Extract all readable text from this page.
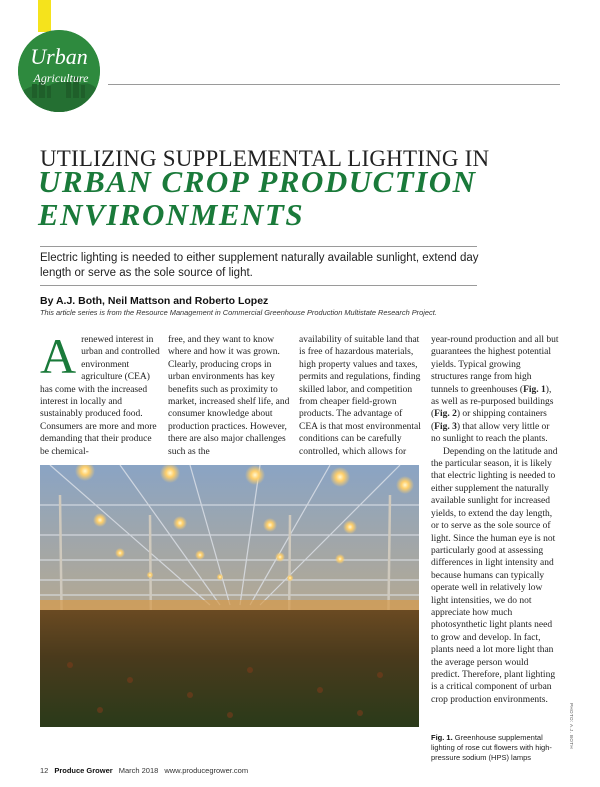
Urban
Agriculture
UTILIZING SUPPLEMENTAL LIGHTING IN
URBAN CROP PRODUCTION ENVIRONMENTS
Electric lighting is needed to either supplement naturally available sunlight, extend day length or serve as the sole source of light.
By A.J. Both, Neil Mattson and Roberto Lopez
This article series is from the Resource Management in Commercial Greenhouse Production Multistate Research Project.
Arenewed interest in urban and controlled environment agriculture (CEA) has come with the increased interest in locally and sustainably produced food. Consumers are more and more demanding that their produce be chemical-
free, and they want to know where and how it was grown. Clearly, producing crops in urban environments has key benefits such as proximity to market, increased shelf life, and consumer knowledge about production practices. However, there are also major challenges such as the
availability of suitable land that is free of hazardous materials, high property values and taxes, permits and regulations, finding skilled labor, and competition from cheaper field-grown products. The advantage of CEA is that most environmental conditions can be carefully controlled, which allows for

year-round production and all but guarantees the highest potential yields. Typical growing structures range from high tunnels to greenhouses (Fig. 1), as well as re-purposed buildings (Fig. 2) or shipping containers (Fig. 3) that allow very little or no sunlight to reach the plants.

Depending on the latitude and the particular season, it is likely that electric lighting is needed to either supplement the naturally available sunlight for increased yields, to extend the day length, or to serve as the sole source of light. Since the human eye is not particularly good at assessing differences in light intensity and because humans can typically operate well in relatively low light intensities, we do not appreciate how much photosynthetic light plants need to grow and develop. In fact, plants need a lot more light than the average person would predict. Therefore, plant lighting is a critical component of urban crop production environments.

Fig. 1. Greenhouse supplemental lighting of rose cut flowers with high-pressure sodium (HPS) lamps
PHOTO: A.J. BOTH
12 Produce Grower March 2018 www.producegrower.com
